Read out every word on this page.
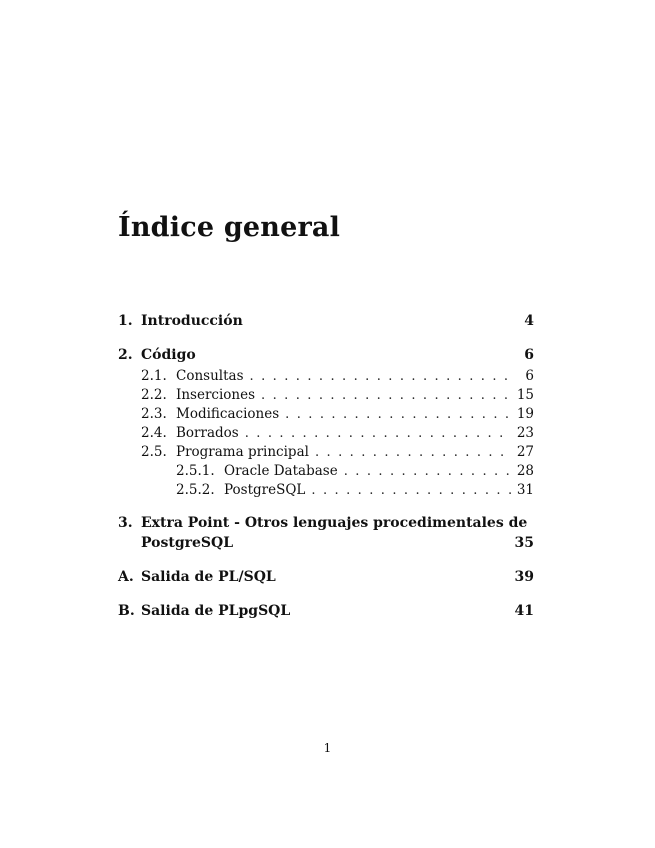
Índice general
1. Introducción	4
2. Código	6
2.1. Consultas . . .	6
2.2. Inserciones . . .	15
2.3. Modificaciones . . .	19
2.4. Borrados . . .	23
2.5. Programa principal . . .	27
2.5.1. Oracle Database . . .	28
2.5.2. PostgreSQL . . .	31
3. Extra Point - Otros lenguajes procedimentales de
PostgreSQL	35
A. Salida de PL/SQL	39
B. Salida de PLpgSQL	41
1
